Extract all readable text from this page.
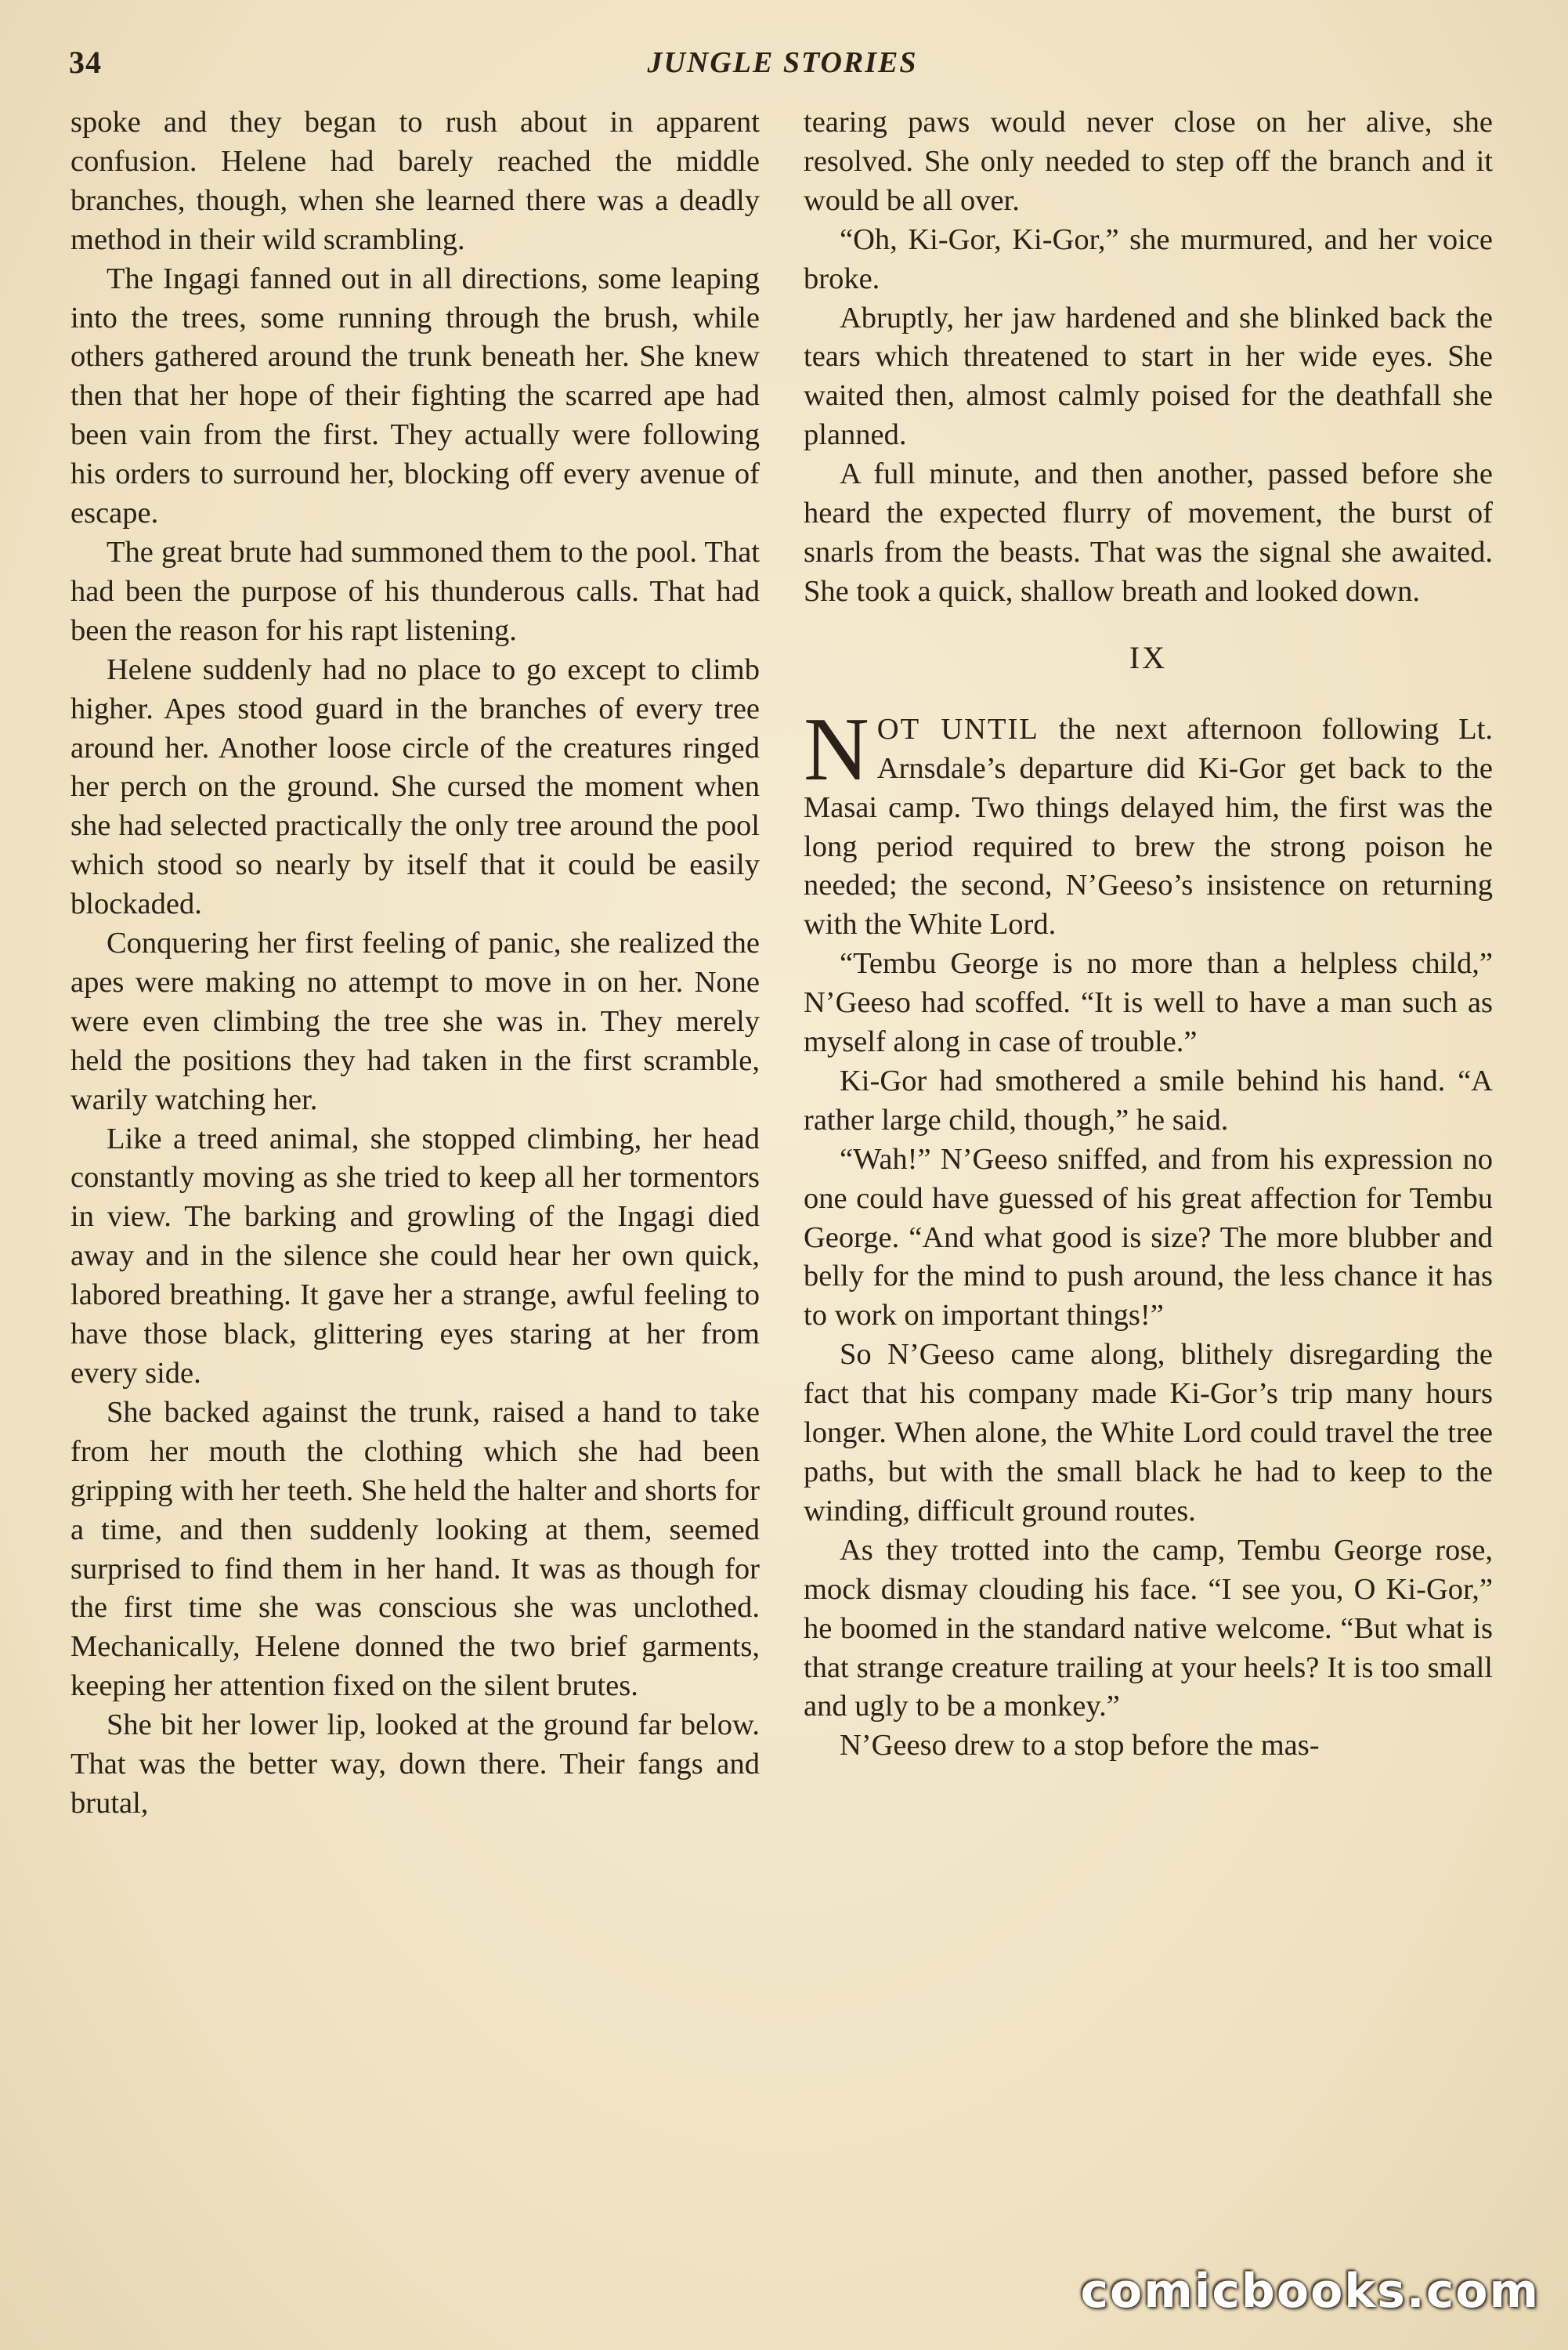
34	JUNGLE STORIES

spoke and they began to rush about in apparent confusion. Helene had barely reached the middle branches, though, when she learned there was a deadly method in their wild scrambling.

The Ingagi fanned out in all directions, some leaping into the trees, some running through the brush, while others gathered around the trunk beneath her. She knew then that her hope of their fighting the scarred ape had been vain from the first. They actually were following his orders to surround her, blocking off every avenue of escape.

The great brute had summoned them to the pool. That had been the purpose of his thunderous calls. That had been the reason for his rapt listening.

Helene suddenly had no place to go except to climb higher. Apes stood guard in the branches of every tree around her. Another loose circle of the creatures ringed her perch on the ground. She cursed the moment when she had selected practically the only tree around the pool which stood so nearly by itself that it could be easily blockaded.

Conquering her first feeling of panic, she realized the apes were making no attempt to move in on her. None were even climbing the tree she was in. They merely held the positions they had taken in the first scramble, warily watching her.

Like a treed animal, she stopped climbing, her head constantly moving as she tried to keep all her tormentors in view. The barking and growling of the Ingagi died away and in the silence she could hear her own quick, labored breathing. It gave her a strange, awful feeling to have those black, glittering eyes staring at her from every side.

She backed against the trunk, raised a hand to take from her mouth the clothing which she had been gripping with her teeth. She held the halter and shorts for a time, and then suddenly looking at them, seemed surprised to find them in her hand. It was as though for the first time she was conscious she was unclothed. Mechanically, Helene donned the two brief garments, keeping her attention fixed on the silent brutes.

She bit her lower lip, looked at the ground far below. That was the better way, down there. Their fangs and brutal,

tearing paws would never close on her alive, she resolved. She only needed to step off the branch and it would be all over.

“Oh, Ki-Gor, Ki-Gor,” she murmured, and her voice broke.

Abruptly, her jaw hardened and she blinked back the tears which threatened to start in her wide eyes. She waited then, almost calmly poised for the deathfall she planned.

A full minute, and then another, passed before she heard the expected flurry of movement, the burst of snarls from the beasts. That was the signal she awaited. She took a quick, shallow breath and looked down.

IX

NOT UNTIL the next afternoon following Lt. Arnsdale’s departure did Ki-Gor get back to the Masai camp. Two things delayed him, the first was the long period required to brew the strong poison he needed; the second, N’Geeso’s insistence on returning with the White Lord.

“Tembu George is no more than a helpless child,” N’Geeso had scoffed. “It is well to have a man such as myself along in case of trouble.”

Ki-Gor had smothered a smile behind his hand. “A rather large child, though,” he said.

“Wah!” N’Geeso sniffed, and from his expression no one could have guessed of his great affection for Tembu George. “And what good is size? The more blubber and belly for the mind to push around, the less chance it has to work on important things!”

So N’Geeso came along, blithely disregarding the fact that his company made Ki-Gor’s trip many hours longer. When alone, the White Lord could travel the tree paths, but with the small black he had to keep to the winding, difficult ground routes.

As they trotted into the camp, Tembu George rose, mock dismay clouding his face. “I see you, O Ki-Gor,” he boomed in the standard native welcome. “But what is that strange creature trailing at your heels? It is too small and ugly to be a monkey.”

N’Geeso drew to a stop before the mas-

comicbooks.com
